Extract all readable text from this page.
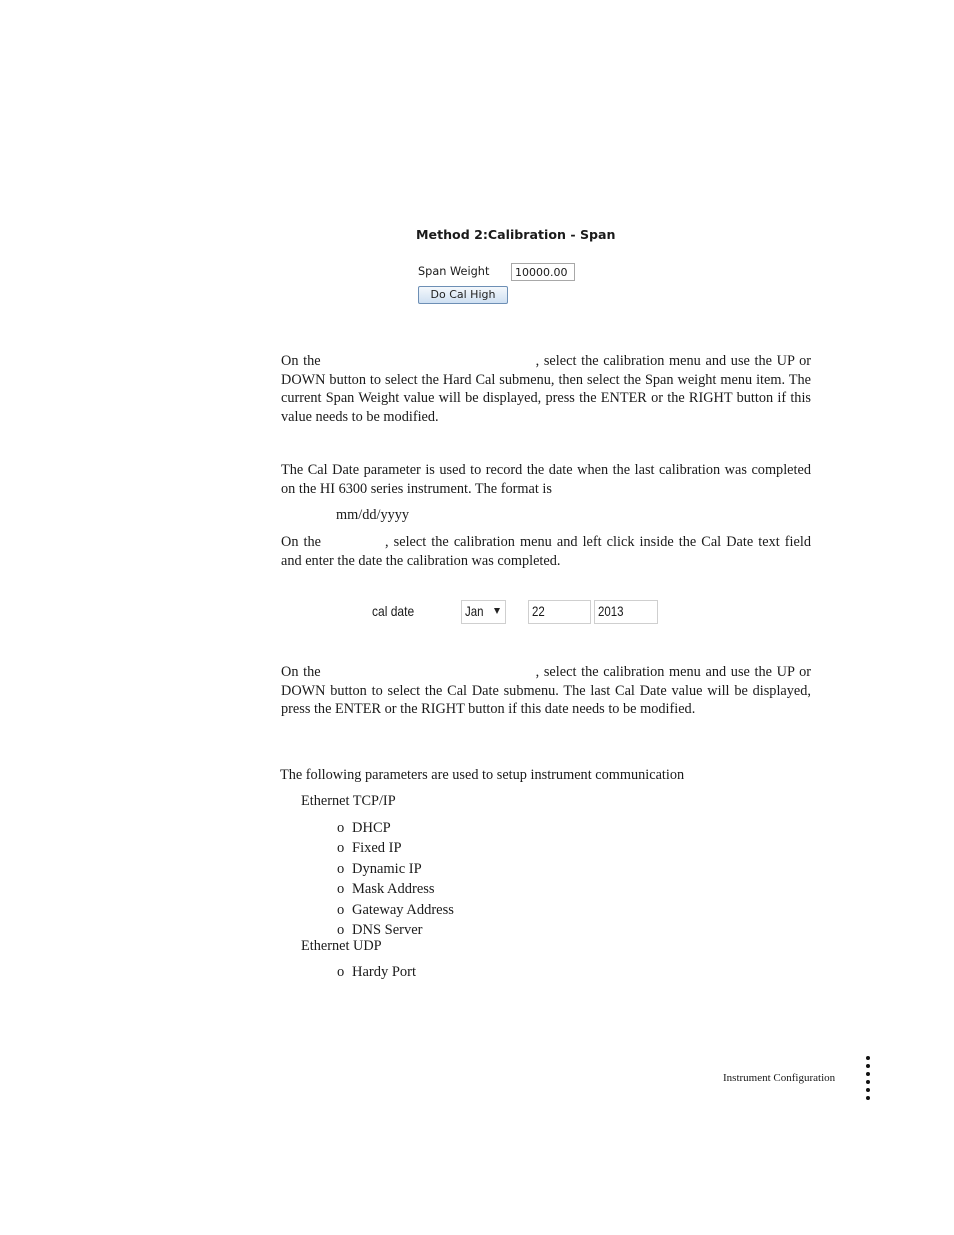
Method 2:Calibration - Span
Span Weight	10000.00
Do Cal High
On the	, select the calibration menu and use the UP or DOWN button to select the Hard Cal submenu, then select the Span weight menu item. The current Span Weight value will be displayed, press the ENTER or the RIGHT button if this value needs to be modified.
The Cal Date parameter is used to record the date when the last calibration was completed on the HI 6300 series instrument. The format is
mm/dd/yyyy
On the	, select the calibration menu and left click inside the Cal Date text field and enter the date the calibration was completed.
cal date	Jan	22	2013
On the	, select the calibration menu and use the UP or DOWN button to select the Cal Date submenu. The last Cal Date value will be displayed, press the ENTER or the RIGHT button if this date needs to be modified.
The following parameters are used to setup instrument communication
Ethernet TCP/IP
o DHCP
o Fixed IP
o Dynamic IP
o Mask Address
o Gateway Address
o DNS Server
Ethernet UDP
o Hardy Port
Instrument Configuration
